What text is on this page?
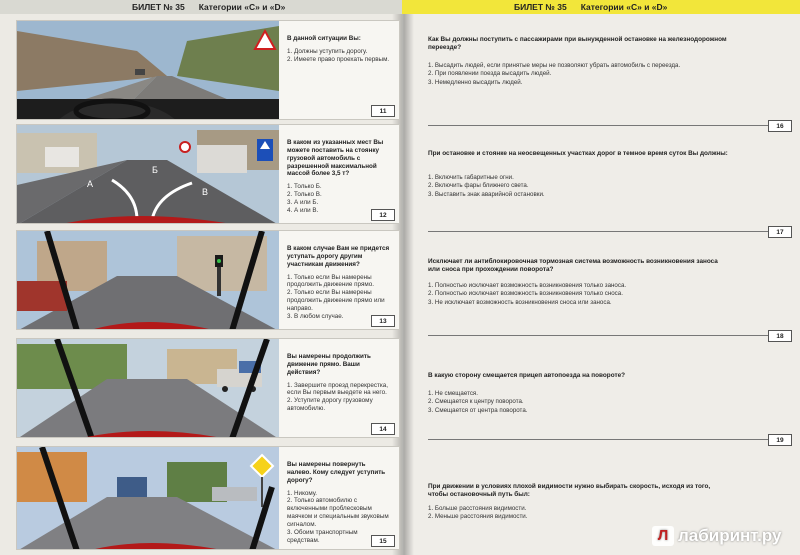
БИЛЕТ № 35 Категории «С» и «D»	БИЛЕТ № 35 Категории «С» и «D»
В данной ситуации Вы:
1. Должны уступить дорогу.
2. Имеете право проехать первым.
11
А
Б
В
В каком из указанных мест Вы можете поставить на стоянку грузовой автомобиль с разрешенной максимальной массой более 3,5 т?
1. Только Б.
2. Только В.
3. А или Б.
4. А или В.
12
В каком случае Вам не придется уступать дорогу другим участникам движения?
1. Только если Вы намерены продолжить движение прямо.
2. Только если Вы намерены продолжить движение прямо или направо.
3. В любом случае.
13
Вы намерены продолжить движение прямо. Ваши действия?
1. Завершите проезд перекрестка, если Вы первым выедете на него.
2. Уступите дорогу грузовому автомобилю.
14
Вы намерены повернуть налево. Кому следует уступить дорогу?
1. Никому.
2. Только автомобилю с включенными проблесковым маячком и специальным звуковым сигналом.
3. Обоим транспортным средствам.	15
Как Вы должны поступить с пассажирами при вынужденной остановке на железнодорожном переезде?
1. Высадить людей, если принятые меры не позволяют убрать автомобиль с переезда.
2. При появлении поезда высадить людей.
3. Немедленно высадить людей.
16
При остановке и стоянке на неосвещенных участках дорог в темное время суток Вы должны:
1. Включить габаритные огни.
2. Включить фары ближнего света.
3. Выставить знак аварийной остановки.
17
Исключает ли антиблокировочная тормозная система возможность возникновения заноса или сноса при прохождении поворота?
1. Полностью исключает возможность возникновения только заноса.
2. Полностью исключает возможность возникновения только сноса.
3. Не исключает возможность возникновения сноса или заноса.
18
В какую сторону смещается прицеп автопоезда на повороте?
1. Не смещается.
2. Смещается к центру поворота.
3. Смещается от центра поворота.
19
При движении в условиях плохой видимости нужно выбирать скорость, исходя из того, чтобы остановочный путь был:
1. Больше расстояния видимости.
2. Меньше расстояния видимости.
Л лабиринт.ру
